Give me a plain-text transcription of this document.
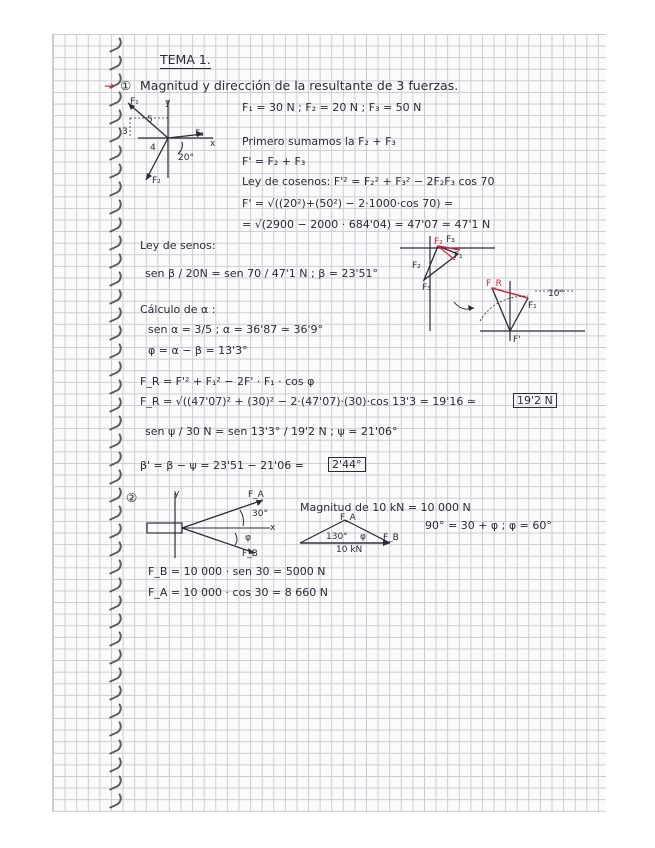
TEMA 1.
→ ① Magnitud y dirección de la resultante de 3 fuerzas.
F₁	y
5
3	F₃
x
4
20°
F₂
F₁ = 30 N ; F₂ = 20 N ; F₃ = 50 N
Primero sumamos la F₂ + F₃
F' = F₂ + F₃
Ley de cosenos: F'² = F₂² + F₃² − 2F₂F₃ cos 70
F' = √((20²)+(50²) − 2·1000·cos 70) =
= √(2900 − 2000 · 684'04) = 47'07 ≃ 47'1 N
Ley de senos:
sen β / 20N = sen 70 / 47'1 N ; β = 23'51°
F₂ F₃
F₁
F₂
F₃	F_R
10°
F₁
F'
Cálculo de α :
sen α = 3/5 ; α = 36'87 ≃ 36'9°
φ = α − β = 13'3°
F_R = F'² + F₁² − 2F' · F₁ · cos φ
F_R = √((47'07)² + (30)² − 2·(47'07)·(30)·cos 13'3 = 19'16 ≃	19'2 N
sen ψ / 30 N = sen 13'3° / 19'2 N ; ψ = 21'06°
β' = β − ψ = 23'51 − 21'06 =	2'44°
②	y	F_A
30°
x
φ
F_B
Magnitud de 10 kN = 10 000 N
90° = 30 + φ ; φ = 60°
F_A
130° φ F_B
10 kN
F_B = 10 000 · sen 30 = 5000 N
F_A = 10 000 · cos 30 = 8 660 N
